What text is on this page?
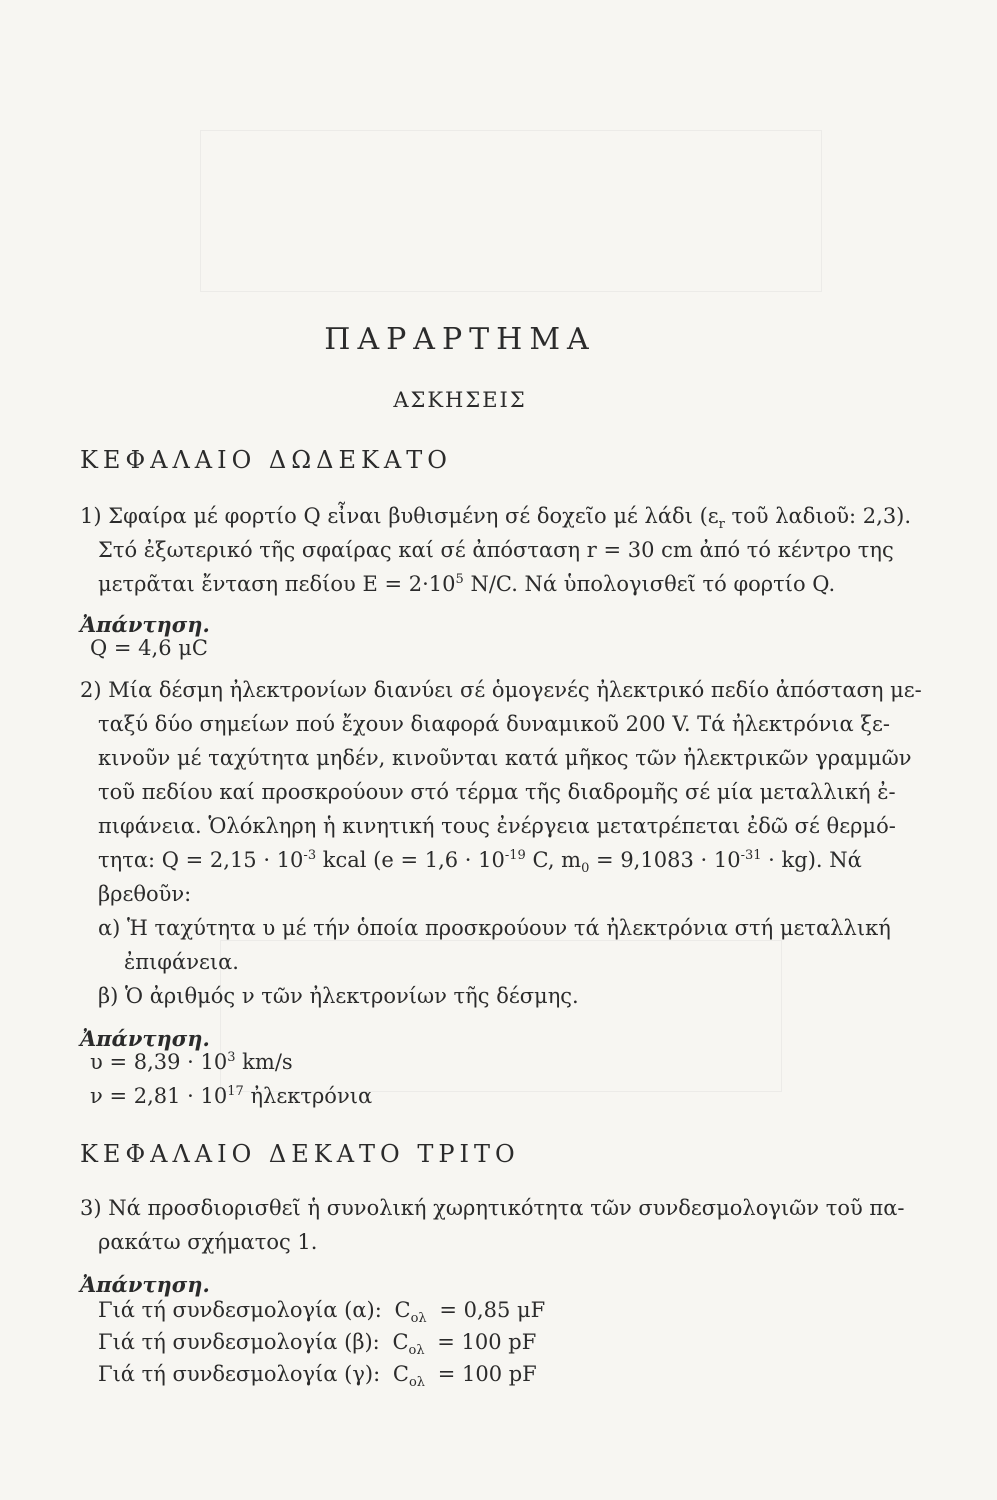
ΠΑΡΑΡΤΗΜΑ
ΑΣΚΗΣΕΙΣ
ΚΕΦΑΛΑΙΟ ΔΩΔΕΚΑΤΟ
1) Σφαίρα μέ φορτίο Q εἶναι βυθισμένη σέ δοχεῖο μέ λάδι ($\varepsilon_r$ τοῦ λαδιοῦ: 2,3).
Στό ἐξωτερικό τῆς σφαίρας καί σέ ἀπόσταση r = 30 cm ἀπό τό κέντρο της
μετρᾶται ἔνταση πεδίου $E = 2\cdot 10^5$ N/C. Νά ὑπολογισθεῖ τό φορτίο Q.
Ἀπάντηση.
Q = 4,6 μC
2) Μία δέσμη ἠλεκτρονίων διανύει σέ ὁμογενές ἠλεκτρικό πεδίο ἀπόσταση με-
ταξύ δύο σημείων πού ἔχουν διαφορά δυναμικοῦ 200 V. Τά ἠλεκτρόνια ξε-
κινοῦν μέ ταχύτητα μηδέν, κινοῦνται κατά μῆκος τῶν ἠλεκτρικῶν γραμμῶν
τοῦ πεδίου καί προσκρούουν στό τέρμα τῆς διαδρομῆς σέ μία μεταλλική ἐ-
πιφάνεια. Ὁλόκληρη ἡ κινητική τους ἐνέργεια μετατρέπεται ἐδῶ σέ θερμό-
τητα: $Q = 2,15 \cdot 10^{-3}$ kcal ($e = 1,6 \cdot 10^{-19}$ C, $m_0 = 9,1083 \cdot 10^{-31} \cdot kg$). Νά
βρεθοῦν:
α) Ἡ ταχύτητα υ μέ τήν ὁποία προσκρούουν τά ἠλεκτρόνια στή μεταλλική
ἐπιφάνεια.
β) Ὁ ἀριθμός ν τῶν ἠλεκτρονίων τῆς δέσμης.
Ἀπάντηση.
$\upsilon = 8,39 \cdot 10^3$ km/s
$\nu = 2,81 \cdot 10^{17}$ ἠλεκτρόνια
ΚΕΦΑΛΑΙΟ ΔΕΚΑΤΟ ΤΡΙΤΟ
3) Νά προσδιορισθεῖ ἡ συνολική χωρητικότητα τῶν συνδεσμολογιῶν τοῦ πα-
ρακάτω σχήματος 1.
Ἀπάντηση.
Γιά τή συνδεσμολογία (α): $C_{o\lambda} = 0,85$ μF
Γιά τή συνδεσμολογία (β): $C_{o\lambda} = 100$ pF
Γιά τή συνδεσμολογία (γ): $C_{o\lambda} = 100$ pF
